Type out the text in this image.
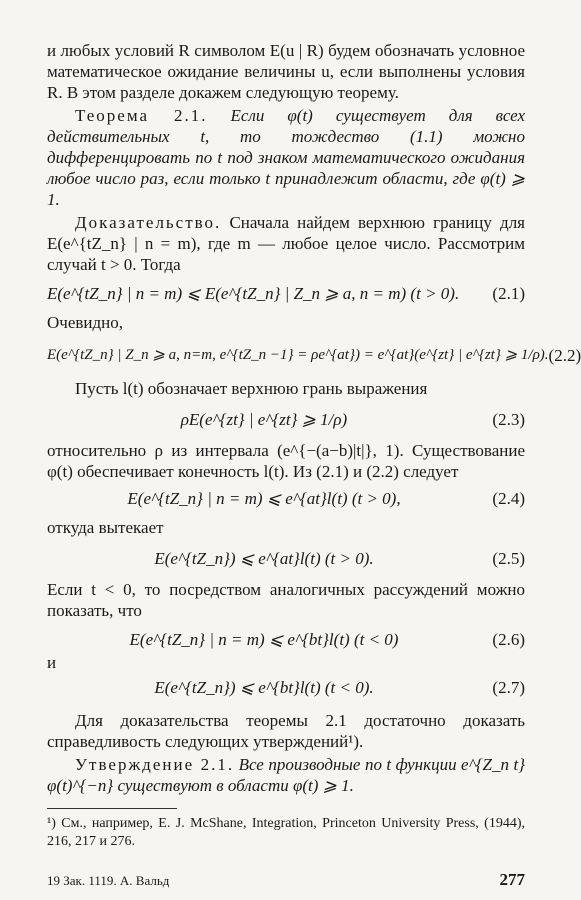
и любых условий R символом E(u | R) будем обозначать условное математическое ожидание величины u, если выполнены условия R. В этом разделе докажем следующую теорему.

Теорема 2.1. Если φ(t) существует для всех действительных t, то тождество (1.1) можно дифференцировать по t под знаком математического ожидания любое число раз, если только t принадлежит области, где φ(t) ⩾ 1.

Доказательство. Сначала найдем верхнюю границу для E(e^{tZ_n} | n = m), где m — любое целое число. Рассмотрим случай t > 0. Тогда

E(e^{tZ_n} | n = m) ⩽ E(e^{tZ_n} | Z_n ⩾ a, n = m) (t > 0).	(2.1)

Очевидно,

E(e^{tZ_n} | Z_n ⩾ a, n=m, e^{tZ_n −1} = ρe^{at}) = e^{at}(e^{zt} | e^{zt} ⩾ 1/ρ). (2.2)

Пусть l(t) обозначает верхнюю грань выражения

ρE(e^{zt} | e^{zt} ⩾ 1/ρ)	(2.3)

относительно ρ из интервала (e^{−(a−b)|t|}, 1). Существование φ(t) обеспечивает конечность l(t). Из (2.1) и (2.2) следует

E(e^{tZ_n} | n = m) ⩽ e^{at}l(t) (t > 0),	(2.4)

откуда вытекает

E(e^{tZ_n}) ⩽ e^{at}l(t) (t > 0).	(2.5)

Если t < 0, то посредством аналогичных рассуждений можно показать, что

E(e^{tZ_n} | n = m) ⩽ e^{bt}l(t) (t < 0)	(2.6)

и

E(e^{tZ_n}) ⩽ e^{bt}l(t) (t < 0).	(2.7)

Для доказательства теоремы 2.1 достаточно доказать справедливость следующих утверждений¹).

Утверждение 2.1. Все производные по t функции e^{Z_n t} φ(t)^{−n} существуют в области φ(t) ⩾ 1.

¹) См., например, E. J. McShane, Integration, Princeton University Press, (1944), 216, 217 и 276.

19 Зак. 1119. А. Вальд	277
